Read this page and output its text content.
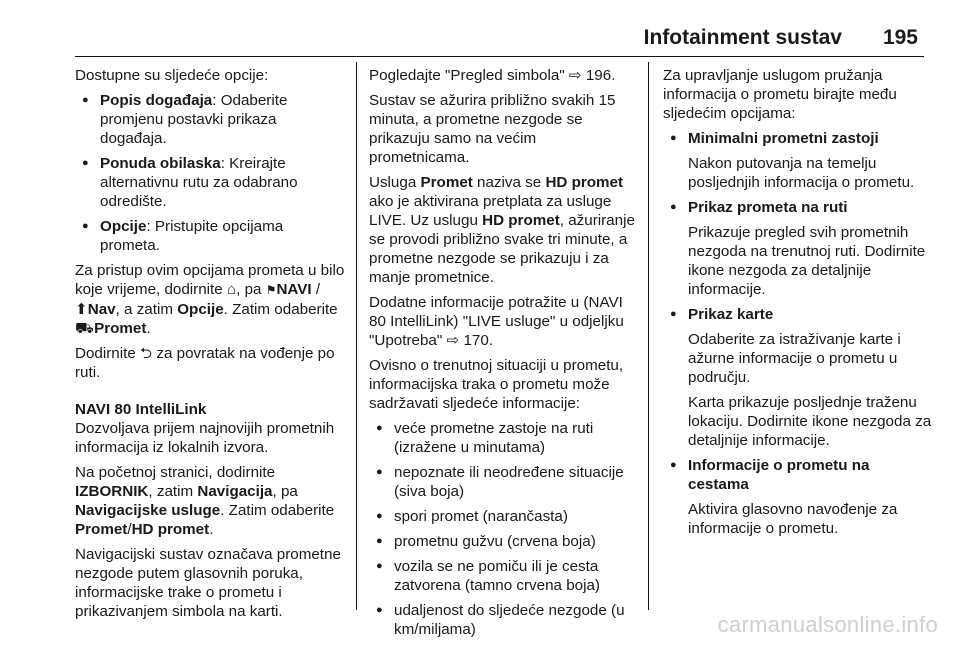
Infotainment sustav 195

Dostupne su sljedeće opcije:

● Popis događaja: Odaberite promjenu postavki prikaza događaja.
● Ponuda obilaska: Kreirajte alternativnu rutu za odabrano odredište.
● Opcije: Pristupite opcijama prometa.

Za pristup ovim opcijama prometa u bilo koje vrijeme, dodirnite ⌂, pa ⚑NAVI / ⬆Nav, a zatim Opcije. Zatim odaberite ⛟Promet.

Dodirnite ⮌ za povratak na vođenje po ruti.

NAVI 80 IntelliLink

Dozvoljava prijem najnovijih prometnih informacija iz lokalnih izvora.

Na početnoj stranici, dodirnite IZBORNIK, zatim Navigacija, pa Navigacijske usluge. Zatim odaberite Promet/HD promet.

Navigacijski sustav označava prometne nezgode putem glasovnih poruka, informacijske trake o prometu i prikazivanjem simbola na karti.

Pogledajte "Pregled simbola" ⇨ 196.

Sustav se ažurira približno svakih 15 minuta, a prometne nezgode se prikazuju samo na većim prometnicama.

Usluga Promet naziva se HD promet ako je aktivirana pretplata za usluge LIVE. Uz uslugu HD promet, ažuriranje se provodi približno svake tri minute, a prometne nezgode se prikazuju i za manje prometnice.

Dodatne informacije potražite u (NAVI 80 IntelliLink) "LIVE usluge" u odjeljku "Upotreba" ⇨ 170.

Ovisno o trenutnoj situaciji u prometu, informacijska traka o prometu može sadržavati sljedeće informacije:

● veće prometne zastoje na ruti (izražene u minutama)
● nepoznate ili neodređene situacije (siva boja)
● spori promet (narančasta)
● prometnu gužvu (crvena boja)
● vozila se ne pomiču ili je cesta zatvorena (tamno crvena boja)
● udaljenost do sljedeće nezgode (u km/miljama)

Za upravljanje uslugom pružanja informacija o prometu birajte među sljedećim opcijama:

● Minimalni prometni zastoji

Nakon putovanja na temelju posljednjih informacija o prometu.

● Prikaz prometa na ruti

Prikazuje pregled svih prometnih nezgoda na trenutnoj ruti. Dodirnite ikone nezgoda za detaljnije informacije.

● Prikaz karte

Odaberite za istraživanje karte i ažurne informacije o prometu u području.

Karta prikazuje posljednje traženu lokaciju. Dodirnite ikone nezgoda za detaljnije informacije.

● Informacije o prometu na cestama

Aktivira glasovno navođenje za informacije o prometu.

carmanualsonline.info
